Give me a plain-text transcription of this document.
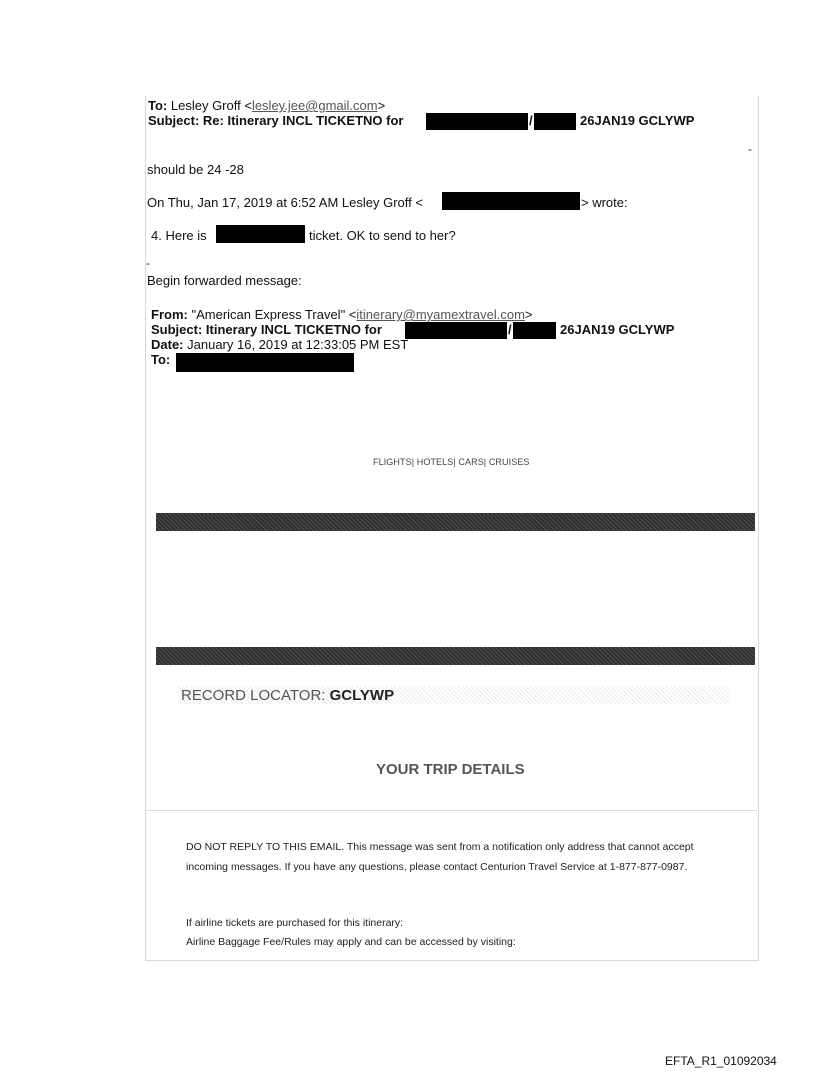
To: Lesley Groff <lesley.jee@gmail.com>
Subject: Re: Itinerary INCL TICKETNO for	/	26JAN19 GCLYWP
-
should be 24 -28
On Thu, Jan 17, 2019 at 6:52 AM Lesley Groff <	> wrote:
4. Here is	ticket. OK to send to her?
-
Begin forwarded message:
From: "American Express Travel" <itinerary@myamextravel.com>
Subject: Itinerary INCL TICKETNO for	/	26JAN19 GCLYWP
Date: January 16, 2019 at 12:33:05 PM EST
To:
FLIGHTS| HOTELS| CARS| CRUISES
RECORD LOCATOR: GCLYWP
YOUR TRIP DETAILS
DO NOT REPLY TO THIS EMAIL. This message was sent from a notification only address that cannot accept incoming messages. If you have any questions, please contact Centurion Travel Service at 1-877-877-0987.
If airline tickets are purchased for this itinerary:
Airline Baggage Fee/Rules may apply and can be accessed by visiting:
EFTA_R1_01092034
